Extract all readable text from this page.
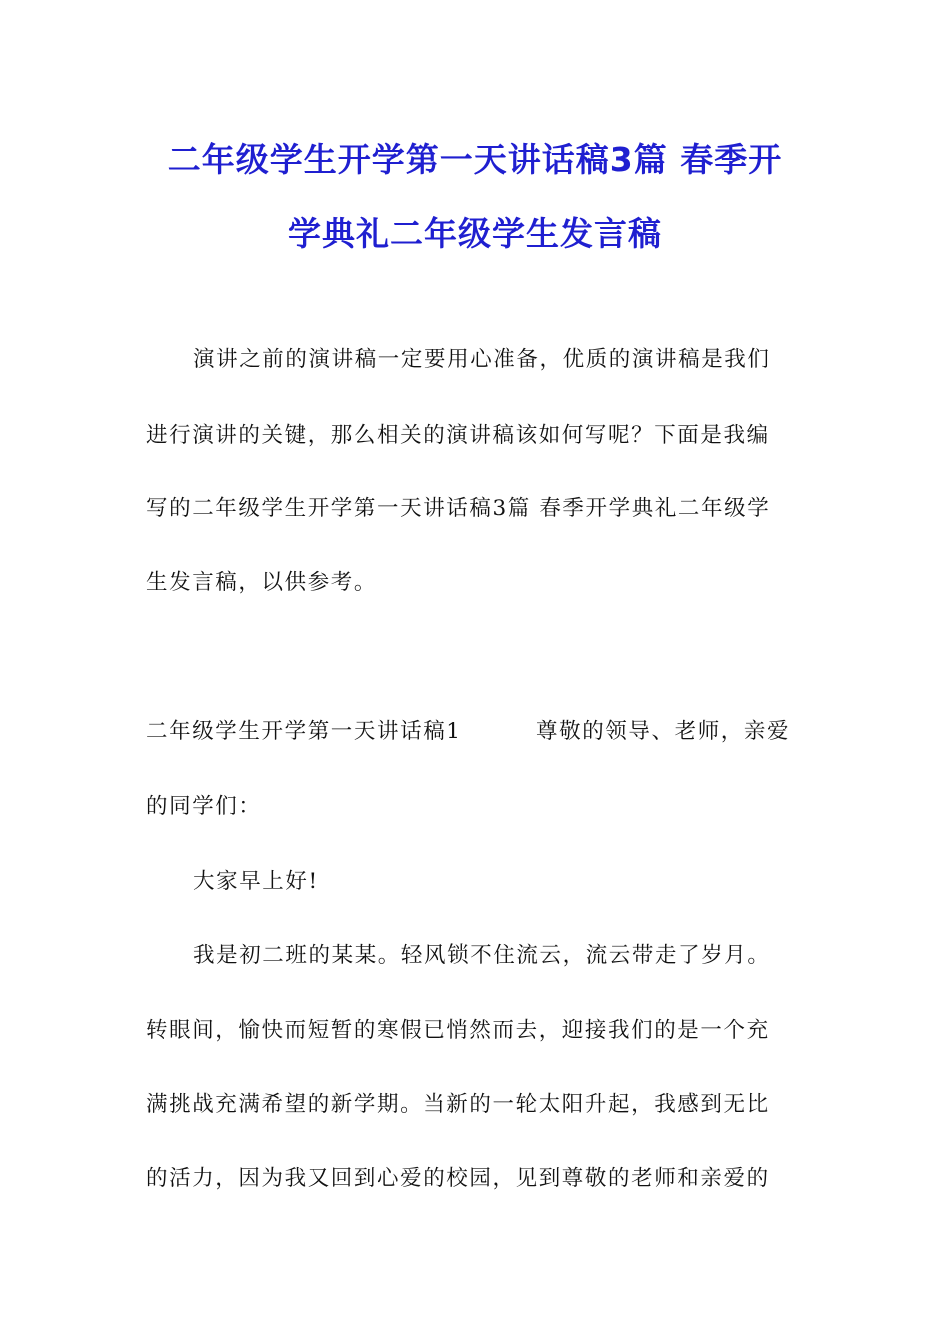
二年级学生开学第一天讲话稿3篇 春季开
学典礼二年级学生发言稿
演讲之前的演讲稿一定要用心准备，优质的演讲稿是我们
进行演讲的关键，那么相关的演讲稿该如何写呢？下面是我编
写的二年级学生开学第一天讲话稿3篇 春季开学典礼二年级学
生发言稿，以供参考。
二年级学生开学第一天讲话稿1	尊敬的领导、老师，亲爱
的同学们：
大家早上好!
我是初二班的某某。轻风锁不住流云，流云带走了岁月。
转眼间，愉快而短暂的寒假已悄然而去，迎接我们的是一个充
满挑战充满希望的新学期。当新的一轮太阳升起，我感到无比
的活力，因为我又回到心爱的校园，见到尊敬的老师和亲爱的
